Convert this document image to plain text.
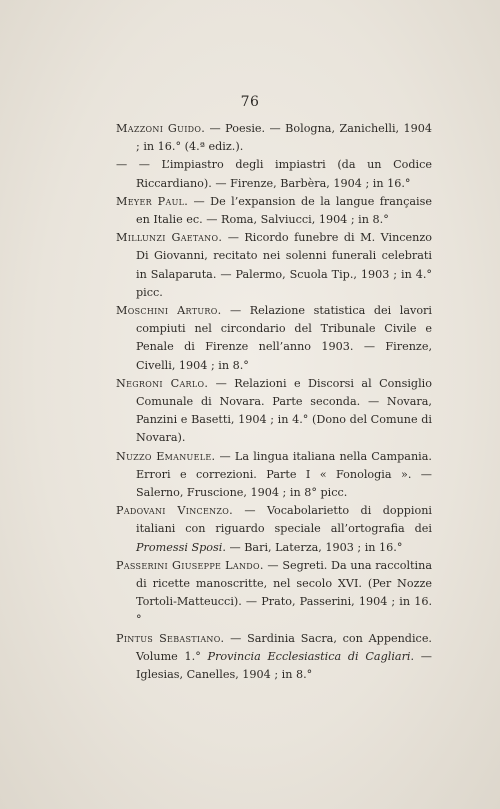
76

Mazzoni Guido. — Poesie. — Bologna, Zanichelli, 1904 ; in 16.° (4.ª ediz.).

— — L’impiastro degli impiastri (da un Codice Riccardiano). — Firenze, Barbèra, 1904 ; in 16.°

Meyer Paul. — De l’expansion de la langue française en Italie ec. — Roma, Salviucci, 1904 ; in 8.°

Millunzi Gaetano. — Ricordo funebre di M. Vincenzo Di Giovanni, recitato nei solenni funerali celebrati in Salaparuta. — Palermo, Scuola Tip., 1903 ; in 4.° picc.

Moschini Arturo. — Relazione statistica dei lavori compiuti nel circondario del Tribunale Civile e Penale di Firenze nell’anno 1903. — Firenze, Civelli, 1904 ; in 8.°

Negroni Carlo. — Relazioni e Discorsi al Consiglio Comunale di Novara. Parte seconda. — Novara, Panzini e Basetti, 1904 ; in 4.° (Dono del Comune di Novara).

Nuzzo Emanuele. — La lingua italiana nella Campania. Errori e correzioni. Parte I « Fonologia ». — Salerno, Fruscione, 1904 ; in 8° picc.

Padovani Vincenzo. — Vocabolarietto di doppioni italiani con riguardo speciale all’ortografia dei Promessi Sposi. — Bari, Laterza, 1903 ; in 16.°

Passerini Giuseppe Lando. — Segreti. Da una raccoltina di ricette manoscritte, nel secolo XVI. (Per Nozze Tortoli-Matteucci). — Prato, Passerini, 1904 ; in 16.°

Pintus Sebastiano. — Sardinia Sacra, con Appendice. Volume 1.° Provincia Ecclesiastica di Cagliari. — Iglesias, Canelles, 1904 ; in 8.°
